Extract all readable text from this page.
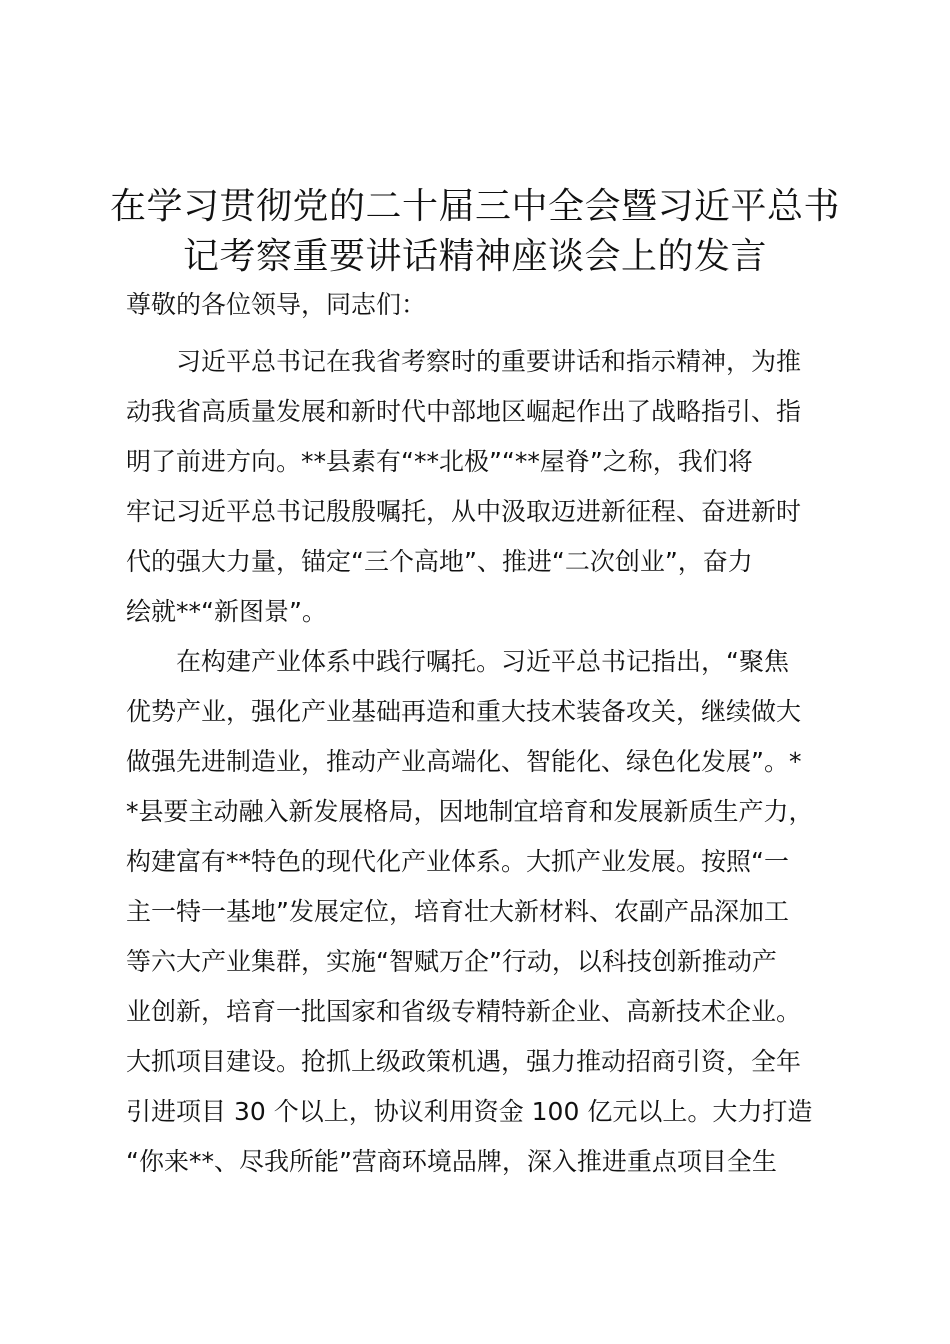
在学习贯彻党的二十届三中全会暨习近平总书
记考察重要讲话精神座谈会上的发言
尊敬的各位领导，同志们：
习近平总书记在我省考察时的重要讲话和指示精神，为推
动我省高质量发展和新时代中部地区崛起作出了战略指引、指
明了前进方向。**县素有“**北极”“**屋脊”之称，我们将
牢记习近平总书记殷殷嘱托，从中汲取迈进新征程、奋进新时
代的强大力量，锚定“三个高地”、推进“二次创业”，奋力
绘就**“新图景”。
在构建产业体系中践行嘱托。习近平总书记指出，“聚焦
优势产业，强化产业基础再造和重大技术装备攻关，继续做大
做强先进制造业，推动产业高端化、智能化、绿色化发展”。*
*县要主动融入新发展格局，因地制宜培育和发展新质生产力，
构建富有**特色的现代化产业体系。大抓产业发展。按照“一
主一特一基地”发展定位，培育壮大新材料、农副产品深加工
等六大产业集群，实施“智赋万企”行动，以科技创新推动产
业创新，培育一批国家和省级专精特新企业、高新技术企业。
大抓项目建设。抢抓上级政策机遇，强力推动招商引资，全年
引进项目 30 个以上，协议利用资金 100 亿元以上。大力打造
“你来**、尽我所能”营商环境品牌，深入推进重点项目全生
